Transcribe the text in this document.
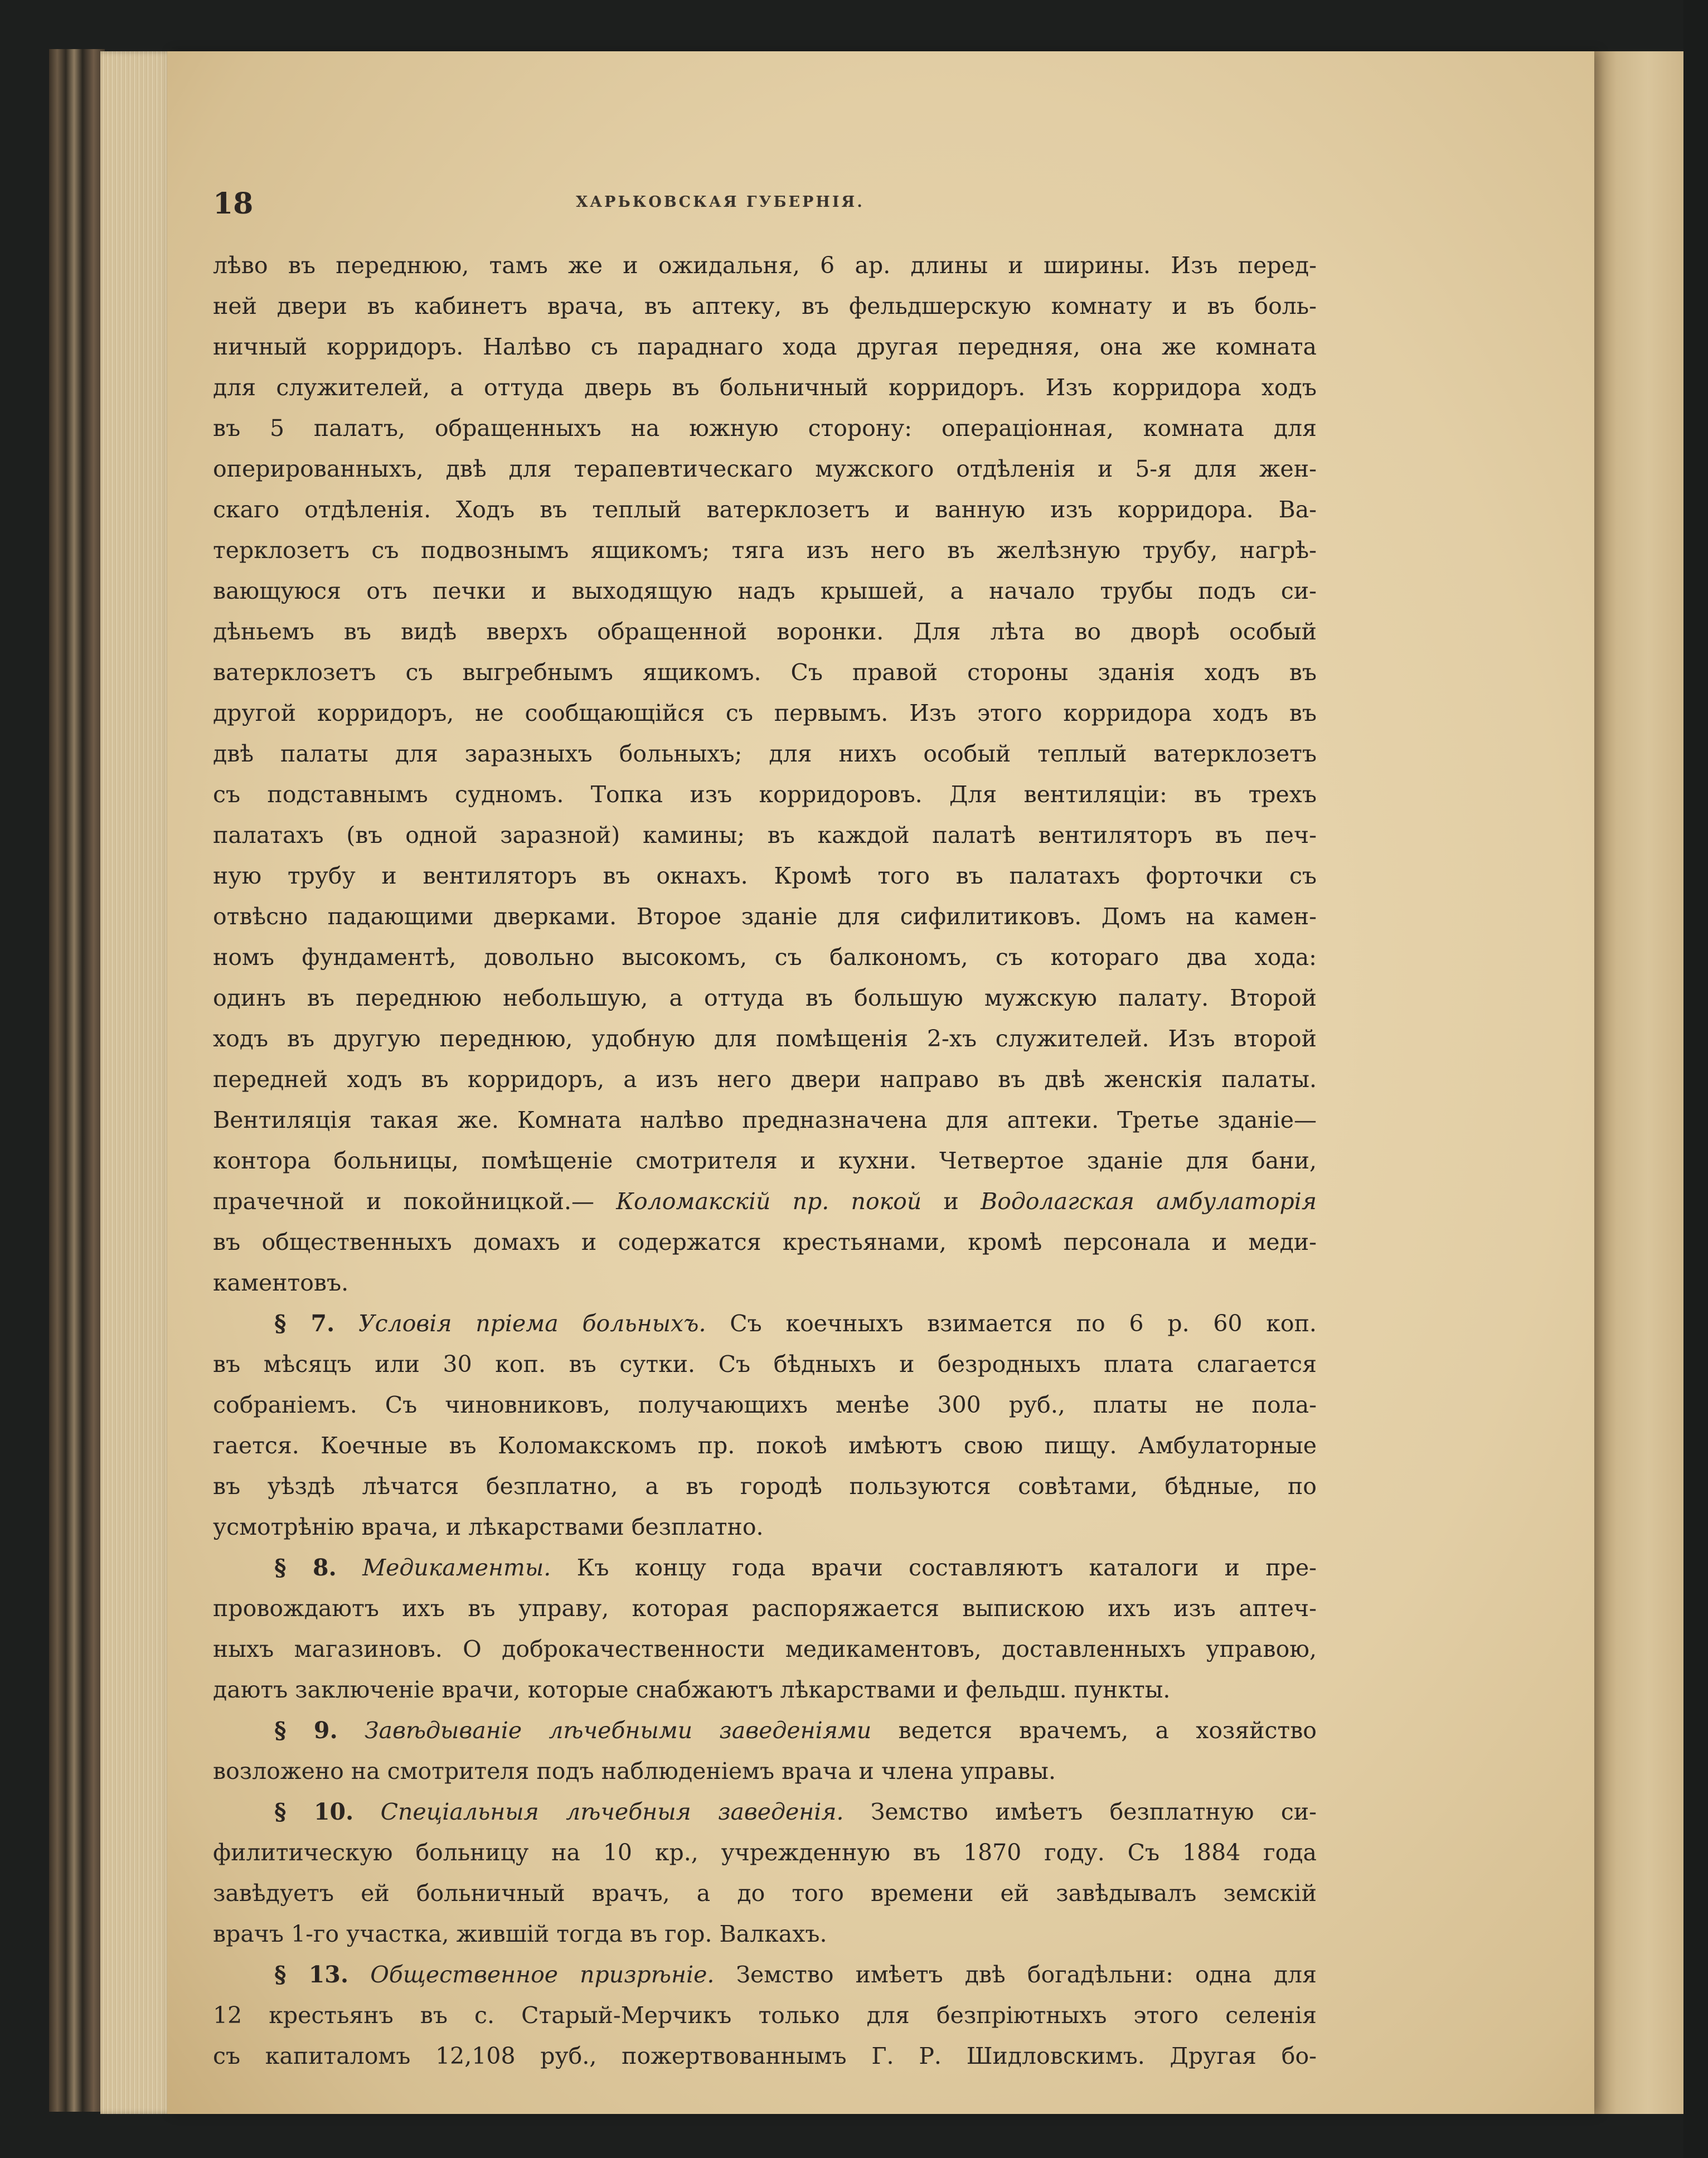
18	ХАРЬКОВСКАЯ ГУБЕРНІЯ.
лѣво въ переднюю, тамъ же и ожидальня, 6 ар. длины и ширины. Изъ перед-
ней двери въ кабинетъ врача, въ аптеку, въ фельдшерскую комнату и въ боль-
ничный корридоръ. Налѣво съ параднаго хода другая передняя, она же комната
для служителей, а оттуда дверь въ больничный корридоръ. Изъ корридора ходъ
въ 5 палатъ, обращенныхъ на южную сторону: операціонная, комната для
оперированныхъ, двѣ для терапевтическаго мужского отдѣленія и 5-я для жен-
скаго отдѣленія. Ходъ въ теплый ватерклозетъ и ванную изъ корридора. Ва-
терклозетъ съ подвознымъ ящикомъ; тяга изъ него въ желѣзную трубу, нагрѣ-
вающуюся отъ печки и выходящую надъ крышей, а начало трубы подъ си-
дѣньемъ въ видѣ вверхъ обращенной воронки. Для лѣта во дворѣ особый
ватерклозетъ съ выгребнымъ ящикомъ. Съ правой стороны зданія ходъ въ
другой корридоръ, не сообщающійся съ первымъ. Изъ этого корридора ходъ въ
двѣ палаты для заразныхъ больныхъ; для нихъ особый теплый ватерклозетъ
съ подставнымъ судномъ. Топка изъ корридоровъ. Для вентиляціи: въ трехъ
палатахъ (въ одной заразной) камины; въ каждой палатѣ вентиляторъ въ печ-
ную трубу и вентиляторъ въ окнахъ. Кромѣ того въ палатахъ форточки съ
отвѣсно падающими дверками. Второе зданіе для сифилитиковъ. Домъ на камен-
номъ фундаментѣ, довольно высокомъ, съ балкономъ, съ котораго два хода:
одинъ въ переднюю небольшую, а оттуда въ большую мужскую палату. Второй
ходъ въ другую переднюю, удобную для помѣщенія 2-хъ служителей. Изъ второй
передней ходъ въ корридоръ, а изъ него двери направо въ двѣ женскія палаты.
Вентиляція такая же. Комната налѣво предназначена для аптеки. Третье зданіе—
контора больницы, помѣщеніе смотрителя и кухни. Четвертое зданіе для бани,
прачечной и покойницкой.— Коломакскій пр. покой и Водолагская амбулаторія
въ общественныхъ домахъ и содержатся крестьянами, кромѣ персонала и меди-
каментовъ.
§ 7. Условія пріема больныхъ. Съ коечныхъ взимается по 6 р. 60 коп.
въ мѣсяцъ или 30 коп. въ сутки. Съ бѣдныхъ и безродныхъ плата слагается
собраніемъ. Съ чиновниковъ, получающихъ менѣе 300 руб., платы не пола-
гается. Коечные въ Коломакскомъ пр. покоѣ имѣютъ свою пищу. Амбулаторные
въ уѣздѣ лѣчатся безплатно, а въ городѣ пользуются совѣтами, бѣдные, по
усмотрѣнію врача, и лѣкарствами безплатно.
§ 8. Медикаменты. Къ концу года врачи составляютъ каталоги и пре-
провождаютъ ихъ въ управу, которая распоряжается выпискою ихъ изъ аптеч-
ныхъ магазиновъ. О доброкачественности медикаментовъ, доставленныхъ управою,
даютъ заключеніе врачи, которые снабжаютъ лѣкарствами и фельдш. пункты.
§ 9. Завѣдываніе лѣчебными заведеніями ведется врачемъ, а хозяйство
возложено на смотрителя подъ наблюденіемъ врача и члена управы.
§ 10. Спеціальныя лѣчебныя заведенія. Земство имѣетъ безплатную си-
филитическую больницу на 10 кр., учрежденную въ 1870 году. Съ 1884 года
завѣдуетъ ей больничный врачъ, а до того времени ей завѣдывалъ земскій
врачъ 1-го участка, жившій тогда въ гор. Валкахъ.
§ 13. Общественное призрѣніе. Земство имѣетъ двѣ богадѣльни: одна для
12 крестьянъ въ с. Старый-Мерчикъ только для безпріютныхъ этого селенія
съ капиталомъ 12,108 руб., пожертвованнымъ Г. Р. Шидловскимъ. Другая бо-
